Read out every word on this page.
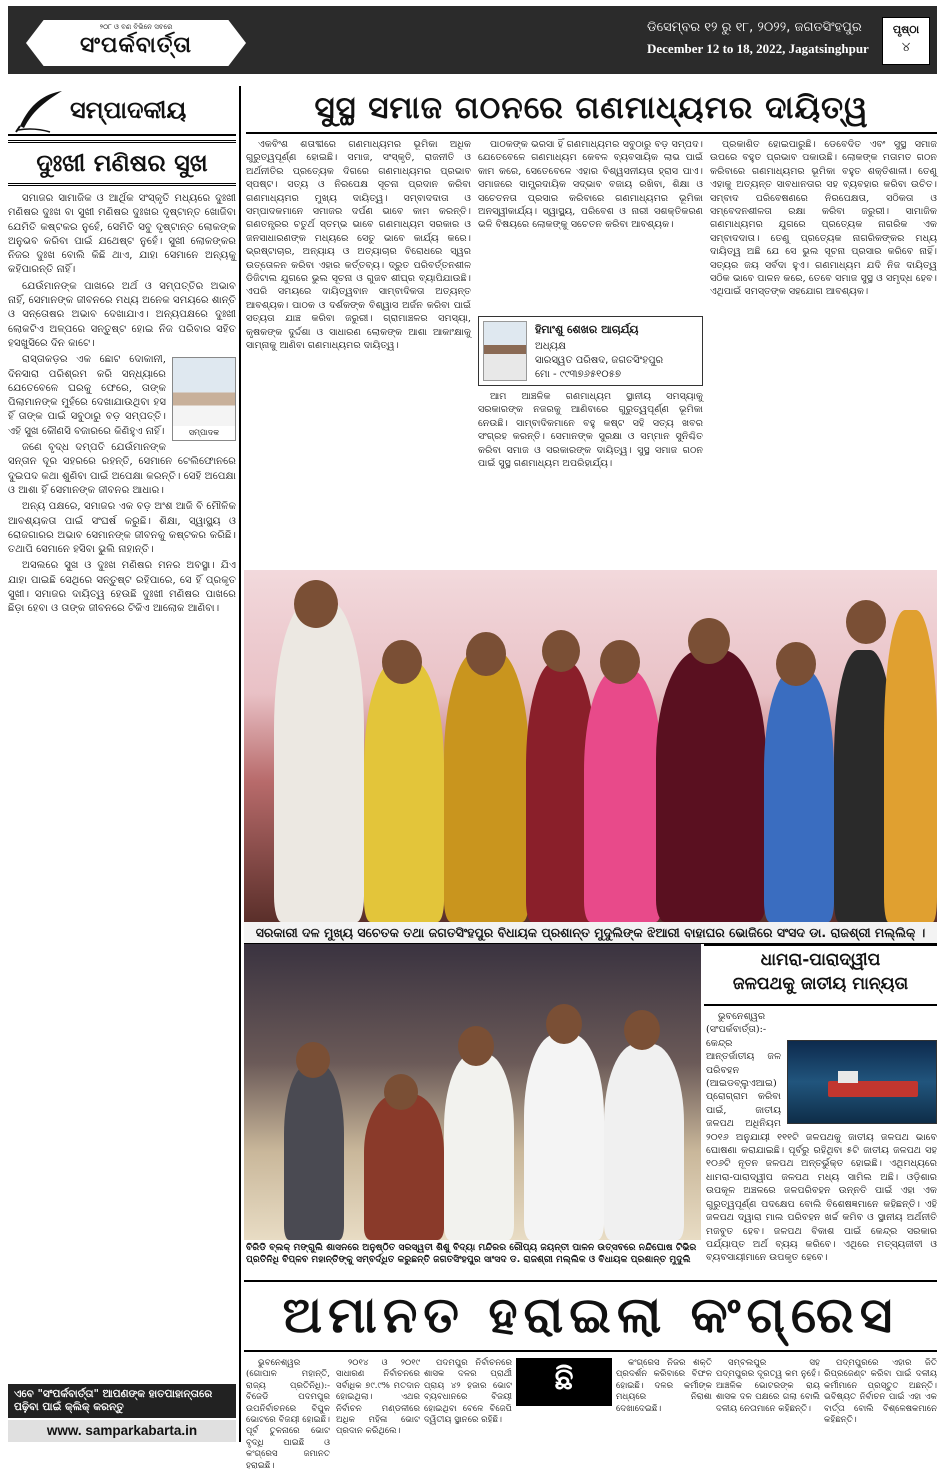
୨୦୮ ଓ ବଣ ବିଭିନେ ସବରେ
ସଂପର୍କବାର୍ତ୍ତା
ଡିସେମ୍ବର ୧୨ ରୁ ୧୮, ୨୦୨୨, ଜଗତସିଂହପୁର
December 12 to 18, 2022, Jagatsinghpur
ପୃଷ୍ଠା
୪
ସମ୍ପାଦକୀୟ
ଦୁଃଖୀ ମଣିଷର ସୁଖ

ସମାଜର ସାମାଜିକ ଓ ଆର୍ଥିକ ସଂସ୍କୃତି ମଧ୍ୟରେ ଦୁଃଖୀ ମଣିଷର ଦୁଃଖ ବା ସୁଖୀ ମଣିଷର ଦୁଃଖର ଦୃଷ୍ଟାନ୍ତ ଖୋଜିବା ଯେମିତି କଷ୍ଟକର ନୁହେଁ, ସେମିତି ସବୁ ଦୃଷ୍ଟାନ୍ତ ଲୋକଙ୍କ ଅନୁଭବ କରିବା ପାଇଁ ଯଥେଷ୍ଟ ନୁହେଁ। ସୁଖୀ ଲୋକଙ୍କର ନିଜର ଦୁଃଖ ବୋଲି କିଛି ଥାଏ, ଯାହା ସେମାନେ ଅନ୍ୟକୁ କହିପାରନ୍ତି ନାହିଁ।

ଯେଉଁମାନଙ୍କ ପାଖରେ ଅର୍ଥ ଓ ସମ୍ପତ୍ତିର ଅଭାବ ନାହିଁ, ସେମାନଙ୍କ ଜୀବନରେ ମଧ୍ୟ ଅନେକ ସମୟରେ ଶାନ୍ତି ଓ ସନ୍ତୋଷର ଅଭାବ ଦେଖାଯାଏ। ଅନ୍ୟପକ୍ଷରେ ଦୁଃଖୀ ଲୋକଟିଏ ଅଳ୍ପରେ ସନ୍ତୁଷ୍ଟ ହୋଇ ନିଜ ପରିବାର ସହିତ ହସଖୁସିରେ ଦିନ କାଟେ।

ସମ୍ପାଦକ

ରାସ୍ତାକଡ଼ର ଏକ ଛୋଟ ଦୋକାନୀ, ଦିନସାରା ପରିଶ୍ରମ କରି ସନ୍ଧ୍ୟାରେ ଯେତେବେଳେ ଘରକୁ ଫେରେ, ତାଙ୍କ ପିଲାମାନଙ୍କ ମୁହଁରେ ଦେଖାଯାଉଥିବା ହସ ହିଁ ତାଙ୍କ ପାଇଁ ସବୁଠାରୁ ବଡ଼ ସମ୍ପତ୍ତି। ଏହି ସୁଖ କୌଣସି ବଜାରରେ କିଣିହୁଏ ନାହିଁ।

ଜଣେ ବୃଦ୍ଧ ଦମ୍ପତି ଯେଉଁମାନଙ୍କ ସନ୍ତାନ ଦୂର ସହରରେ ରହନ୍ତି, ସେମାନେ ଟେଲିଫୋନରେ ଦୁଇପଦ କଥା ଶୁଣିବା ପାଇଁ ଅପେକ୍ଷା କରନ୍ତି। ସେହି ଅପେକ୍ଷା ଓ ଆଶା ହିଁ ସେମାନଙ୍କ ଜୀବନର ଆଧାର।

ଅନ୍ୟ ପକ୍ଷରେ, ସମାଜର ଏକ ବଡ଼ ଅଂଶ ଆଜି ବି ମୌଳିକ ଆବଶ୍ୟକତା ପାଇଁ ସଂଘର୍ଷ କରୁଛି। ଶିକ୍ଷା, ସ୍ୱାସ୍ଥ୍ୟ ଓ ରୋଜଗାରର ଅଭାବ ସେମାନଙ୍କ ଜୀବନକୁ କଷ୍ଟକର କରିଛି। ତଥାପି ସେମାନେ ହସିବା ଭୁଲି ନାହାନ୍ତି।

ଅସଲରେ ସୁଖ ଓ ଦୁଃଖ ମଣିଷର ମନର ଅବସ୍ଥା। ଯିଏ ଯାହା ପାଇଛି ସେଥିରେ ସନ୍ତୁଷ୍ଟ ରହିପାରେ, ସେ ହିଁ ପ୍ରକୃତ ସୁଖୀ। ସମାଜର ଦାୟିତ୍ୱ ହେଉଛି ଦୁଃଖୀ ମଣିଷର ପାଖରେ ଛିଡ଼ା ହେବା ଓ ତାଙ୍କ ଜୀବନରେ ଟିକିଏ ଆଲୋକ ଆଣିବା।

ଏବେ "ସଂପର୍କବାର୍ତ୍ତା" ଆପଣଙ୍କ ହାତପାହାନ୍ତାରେ ପଢ଼ିବା ପାଇଁ କ୍ଲିକ୍ କରନ୍ତୁ
www. samparkabarta.in
ସୁସ୍ଥ ସମାଜ ଗଠନରେ ଗଣମାଧ୍ୟମର ଦାୟିତ୍ୱ

ଏକବିଂଶ ଶତାବ୍ଦୀରେ ଗଣମାଧ୍ୟମର ଭୂମିକା ଅଧିକ ଗୁରୁତ୍ୱପୂର୍ଣ୍ଣ ହୋଇଛି। ସମାଜ, ସଂସ୍କୃତି, ରାଜନୀତି ଓ ଅର୍ଥନୀତିର ପ୍ରତ୍ୟେକ ଦିଗରେ ଗଣମାଧ୍ୟମର ପ୍ରଭାବ ସ୍ପଷ୍ଟ। ସତ୍ୟ ଓ ନିରପେକ୍ଷ ସୂଚନା ପ୍ରଦାନ କରିବା ଗଣମାଧ୍ୟମର ମୁଖ୍ୟ ଦାୟିତ୍ୱ। ସମ୍ବାଦଦାତା ଓ ସମ୍ପାଦକମାନେ ସମାଜର ଦର୍ପଣ ଭାବେ କାମ କରନ୍ତି। ଗଣତନ୍ତ୍ରର ଚତୁର୍ଥ ସ୍ତମ୍ଭ ଭାବେ ଗଣମାଧ୍ୟମ ସରକାର ଓ ଜନସାଧାରଣଙ୍କ ମଧ୍ୟରେ ସେତୁ ଭାବେ କାର୍ଯ୍ୟ କରେ। ଭ୍ରଷ୍ଟାଚାର, ଅନ୍ୟାୟ ଓ ଅତ୍ୟାଚାର ବିରୋଧରେ ସ୍ୱର ଉତ୍ତୋଳନ କରିବା ଏହାର କର୍ତ୍ତବ୍ୟ। ଦ୍ରୁତ ପରିବର୍ତ୍ତନଶୀଳ ଡିଜିଟାଲ ଯୁଗରେ ଭୁଲ ସୂଚନା ଓ ଗୁଜବ ଶୀଘ୍ର ବ୍ୟାପିଯାଉଛି। ଏପରି ସମୟରେ ଦାୟିତ୍ୱବାନ ସାମ୍ବାଦିକତା ଅତ୍ୟନ୍ତ ଆବଶ୍ୟକ। ପାଠକ ଓ ଦର୍ଶକଙ୍କ ବିଶ୍ୱାସ ଅର୍ଜନ କରିବା ପାଇଁ ସତ୍ୟତା ଯାଞ୍ଚ କରିବା ଜରୁରୀ। ଗ୍ରାମାଞ୍ଚଳର ସମସ୍ୟା, କୃଷକଙ୍କ ଦୁର୍ଦ୍ଦଶା ଓ ସାଧାରଣ ଲୋକଙ୍କ ଆଶା ଆକାଂକ୍ଷାକୁ ସାମ୍ନାକୁ ଆଣିବା ଗଣମାଧ୍ୟମର ଦାୟିତ୍ୱ।

ପାଠକଙ୍କ ଭରସା ହିଁ ଗଣମାଧ୍ୟମର ସବୁଠାରୁ ବଡ଼ ସମ୍ପଦ। ଯେତେବେଳେ ଗଣମାଧ୍ୟମ କେବଳ ବ୍ୟବସାୟିକ ଲାଭ ପାଇଁ କାମ କରେ, ସେତେବେଳେ ଏହାର ବିଶ୍ୱସନୀୟତା ହ୍ରାସ ପାଏ। ସମାଜରେ ସାମ୍ପ୍ରଦାୟିକ ସଦ୍ଭାବ ବଜାୟ ରଖିବା, ଶିକ୍ଷା ଓ ସଚେତନତା ପ୍ରସାର କରିବାରେ ଗଣମାଧ୍ୟମର ଭୂମିକା ଅନସ୍ୱୀକାର୍ଯ୍ୟ। ସ୍ୱାସ୍ଥ୍ୟ, ପରିବେଶ ଓ ନାରୀ ସଶକ୍ତିକରଣ ଭଳି ବିଷୟରେ ଲୋକଙ୍କୁ ସଚେତନ କରିବା ଆବଶ୍ୟକ।

ହିମାଂଶୁ ଶେଖର ଆଚାର୍ଯ୍ୟ
ଅଧ୍ୟକ୍ଷ
ସାରସ୍ୱତ ପରିଷଦ, ଜଗତସିଂହପୁର
ମୋ - ୯୯୩୭୬୫୧୦୫୭

ଆମ ଆଞ୍ଚଳିକ ଗଣମାଧ୍ୟମ ସ୍ଥାନୀୟ ସମସ୍ୟାକୁ ସରକାରଙ୍କ ନଜରକୁ ଆଣିବାରେ ଗୁରୁତ୍ୱପୂର୍ଣ୍ଣ ଭୂମିକା ନେଉଛି। ସାମ୍ବାଦିକମାନେ ବହୁ କଷ୍ଟ ସହି ସତ୍ୟ ଖବର ସଂଗ୍ରହ କରନ୍ତି। ସେମାନଙ୍କ ସୁରକ୍ଷା ଓ ସମ୍ମାନ ସୁନିଶ୍ଚିତ କରିବା ସମାଜ ଓ ସରକାରଙ୍କ ଦାୟିତ୍ୱ। ସୁସ୍ଥ ସମାଜ ଗଠନ ପାଇଁ ସୁସ୍ଥ ଗଣମାଧ୍ୟମ ଅପରିହାର୍ଯ୍ୟ।

ପ୍ରକାଶିତ ହୋଇପାରୁଛି। ଡେବେଦିତ ଏବଂ ସୁସ୍ଥ ସମାଜ ଉପରେ ବହୁତ ପ୍ରଭାବ ପକାଉଛି। ଲୋକଙ୍କ ମତାମତ ଗଠନ କରିବାରେ ଗଣମାଧ୍ୟମର ଭୂମିକା ବହୁତ ଶକ୍ତିଶାଳୀ। ତେଣୁ ଏହାକୁ ଅତ୍ୟନ୍ତ ସାବଧାନତାର ସହ ବ୍ୟବହାର କରିବା ଉଚିତ। ସମ୍ବାଦ ପରିବେଷଣରେ ନିରପେକ୍ଷତା, ସଠିକତା ଓ ସମ୍ବେଦନଶୀଳତା ରକ୍ଷା କରିବା ଜରୁରୀ। ସାମାଜିକ ଗଣମାଧ୍ୟମର ଯୁଗରେ ପ୍ରତ୍ୟେକ ନାଗରିକ ଏକ ସମ୍ବାଦଦାତା। ତେଣୁ ପ୍ରତ୍ୟେକ ନାଗରିକଙ୍କର ମଧ୍ୟ ଦାୟିତ୍ୱ ଅଛି ଯେ ସେ ଭୁଲ ସୂଚନା ପ୍ରସାର କରିବେ ନାହିଁ। ସତ୍ୟର ଜୟ ସର୍ବଦା ହୁଏ। ଗଣମାଧ୍ୟମ ଯଦି ନିଜ ଦାୟିତ୍ୱ ସଠିକ ଭାବେ ପାଳନ କରେ, ତେବେ ସମାଜ ସୁସ୍ଥ ଓ ସମୃଦ୍ଧ ହେବ। ଏଥିପାଇଁ ସମସ୍ତଙ୍କ ସହଯୋଗ ଆବଶ୍ୟକ।

ସରକାରୀ ଦଳ ମୁଖ୍ୟ ସଚେତକ ତଥା ଜଗତସିଂହପୁର ବିଧାୟକ ପ୍ରଶାନ୍ତ ମୁଦୁଲିଙ୍କ ଝିଆରୀ ବାହାଘର ଭୋଜିରେ ସଂସଦ ଡା. ରାଜଶ୍ରୀ ମଲ୍ଲିକ୍ ।
ବିରିଡି ବ୍ଲକ୍ ମଙ୍ଗୁଲି ଶାସନରେ ଅନୁଷ୍ଠିତ ସରସ୍ୱତୀ ଶିଶୁ ବିଦ୍ୟା ମନ୍ଦିରର ରୌପ୍ୟ ଜୟନ୍ତୀ ପାଳନ ଉତ୍ସବରେ ନନ୍ଦିଘୋଷ ଟିଭିର ପ୍ରତିନିଧି ବିପ୍ଳବ ମହାନ୍ତିଙ୍କୁ ସମ୍ବର୍ଦ୍ଧିତ କରୁଛନ୍ତି ଜଗତସିଂହପୁର ସାଂସଦ ଡ. ରାଜଶ୍ରୀ ମଲ୍ଲିକ ଓ ବିଧାୟକ ପ୍ରଶାନ୍ତ ମୁଦୁଲି
ଧାମରା-ପାରାଦ୍ୱୀପ
ଜଳପଥକୁ ଜାତୀୟ ମାନ୍ୟତା

ଭୁବନେଶ୍ୱର (ସଂପର୍କବାର୍ତ୍ତା):- କେନ୍ଦ୍ର ଆନ୍ତର୍ଜାତୀୟ ଜଳ ପରିବହନ (ଆଇଡବ୍ଲୁଏଆଇ) ପ୍ରୋଗ୍ରାମ କରିବା ପାଇଁ, ଜାତୀୟ ଜଳପଥ ଅଧିନିୟମ ୨୦୧୬ ଅନୁଯାୟୀ ୧୧୧ଟି ଜଳପଥକୁ ଜାତୀୟ ଜଳପଥ ଭାବେ ଘୋଷଣା କରାଯାଇଛି। ପୂର୍ବରୁ ରହିଥିବା ୫ଟି ଜାତୀୟ ଜଳପଥ ସହ ୧୦୬ଟି ନୂତନ ଜଳପଥ ଅନ୍ତର୍ଭୁକ୍ତ ହୋଇଛି। ଏଥିମଧ୍ୟରେ ଧାମରା-ପାରାଦ୍ୱୀପ ଜଳପଥ ମଧ୍ୟ ସାମିଲ ଅଛି। ଓଡ଼ିଶାର ଉପକୂଳ ଅଞ୍ଚଳରେ ଜଳପରିବହନ ଉନ୍ନତି ପାଇଁ ଏହା ଏକ ଗୁରୁତ୍ୱପୂର୍ଣ୍ଣ ପଦକ୍ଷେପ ବୋଲି ବିଶେଷଜ୍ଞମାନେ କହିଛନ୍ତି। ଏହି ଜଳପଥ ଦ୍ୱାରା ମାଲ ପରିବହନ ଖର୍ଚ୍ଚ କମିବ ଓ ସ୍ଥାନୀୟ ଅର୍ଥନୀତି ମଜବୁତ ହେବ। ଜଳପଥ ବିକାଶ ପାଇଁ କେନ୍ଦ୍ର ସରକାର ପର୍ଯ୍ୟାପ୍ତ ଅର୍ଥ ବ୍ୟୟ କରିବେ। ଏଥିରେ ମତ୍ସ୍ୟଜୀବୀ ଓ ବ୍ୟବସାୟୀମାନେ ଉପକୃତ ହେବେ।

ଅମାନତ ହରାଇଲା କଂଗ୍ରେସ

ଭୁବନେଶ୍ୱର (ଗୋପାଳ ମହାନ୍ତି, ରାଜ୍ୟ ପ୍ରତିନିଧି):- ବିଜେଡି ପଦମପୁର ଉପନିର୍ବାଚନରେ ବିପୁଳ ଭୋଟରେ ବିଜୟୀ ହୋଇଛି। ପୂର୍ବ ତୁଳନାରେ ଭୋଟ ବୃଦ୍ଧି ପାଇଛି ଓ କଂଗ୍ରେସ ଜମାନତ ହରାଇଛି।

୨୦୧୪ ଓ ୨୦୧୯ ସାଧାରଣ ନିର୍ବାଚନରେ ସର୍ବାଧିକ ୭୯.୯% ମତଦାନ ହୋଇଥିଲା। ଏଥର ନିର୍ବାଚନ ମଣ୍ଡଳୀରେ ଅଧିକ ମହିଳା ଭୋଟ ପ୍ରଦାନ କରିଥିଲେ।

ପଦମପୁର ନିର୍ବାଚନରେ ଶାସକ ଦଳର ପ୍ରାର୍ଥୀ ପ୍ରାୟ ୪୨ ହଜାର ଭୋଟ ବ୍ୟବଧାନରେ ବିଜୟୀ ହୋଇଥିବା ବେଳେ ବିଜେପି ଦ୍ୱିତୀୟ ସ୍ଥାନରେ ରହିଛି।

ଛି	କଂଗ୍ରେସ ନିଜର ଶକ୍ତି ପ୍ରଦର୍ଶନ କରିବାରେ ବିଫଳ ହୋଇଛି। ଦଳର କର୍ମୀଙ୍କ ମଧ୍ୟରେ ନିରାଶା ଦେଖାଦେଇଛି।

ସମ୍ବଲପୁର ସହ ପଦ୍ମପୁରର ଦୂରତ୍ୱ କମ ନୁହେଁ। ଆଞ୍ଚଳିକ ଭୋଟରଙ୍କ ରାୟ ଶାସକ ଦଳ ପକ୍ଷରେ ଗଲା ବୋଲି ଦଳୀୟ ନେତାମାନେ କହିଛନ୍ତି।

ପଦ୍ମପୁରରେ ଏହାର ଜିତି ରିପ୍ରଜେଣ୍ଟ କରିବା ପାଇଁ ଦଳୀୟ କର୍ମୀମାନେ ପ୍ରସ୍ତୁତ ଅଛନ୍ତି। ଭବିଷ୍ୟତ ନିର୍ବାଚନ ପାଇଁ ଏହା ଏକ ବାର୍ତ୍ତା ବୋଲି ବିଶ୍ଳେଷକମାନେ କହିଛନ୍ତି।
